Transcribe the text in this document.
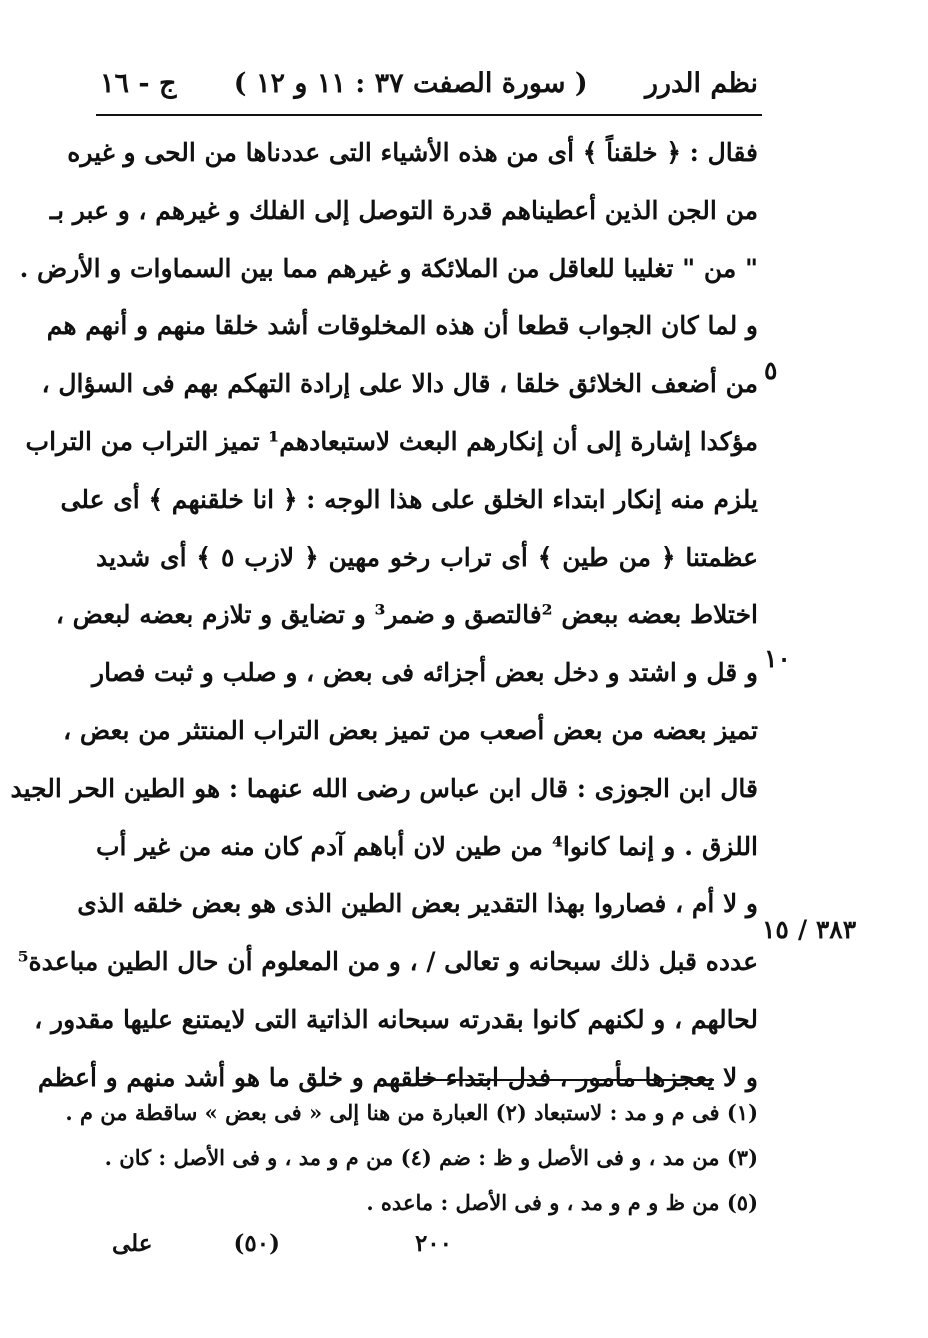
نظم الدرر
( سورة الصفت ٣٧ : ١١ و ١٢ )
ج - ١٦
٥
١٠
١٥ ٣٨٣ /
فقال : ﴿ خلقناً ﴾ أى من هذه الأشياء التى عددناها من الحى و غيره
من الجن الذين أعطيناهم قدرة التوصل إلى الفلك و غيرهم ، و عبر بـ
" من " تغليبا للعاقل من الملائكة و غيرهم مما بين السماوات و الأرض .
و لما كان الجواب قطعا أن هذه المخلوقات أشد خلقا منهم و أنهم هم
من أضعف الخلائق خلقا ، قال دالا على إرادة التهكم بهم فى السؤال ،
مؤكدا إشارة إلى أن إنكارهم البعث لاستبعادهم¹ تميز التراب من التراب
يلزم منه إنكار ابتداء الخلق على هذا الوجه : ﴿ انا خلقنهم ﴾ أى على
عظمتنا ﴿ من طين ﴾ أى تراب رخو مهين ﴿ لازب ٥ ﴾ أى شديد
اختلاط بعضه ببعض ²فالتصق و ضمر³ و تضايق و تلازم بعضه لبعض ،
و قل و اشتد و دخل بعض أجزائه فى بعض ، و صلب و ثبت فصار
تميز بعضه من بعض أصعب من تميز بعض التراب المنتثر من بعض ،
قال ابن الجوزى : قال ابن عباس رضى الله عنهما : هو الطين الحر الجيد
اللزق . و إنما كانوا⁴ من طين لان أباهم آدم كان منه من غير أب
و لا أم ، فصاروا بهذا التقدير بعض الطين الذى هو بعض خلقه الذى
عدده قبل ذلك سبحانه و تعالى / ، و من المعلوم أن حال الطين مباعدة⁵
لحالهم ، و لكنهم كانوا بقدرته سبحانه الذاتية التى لايمتنع عليها مقدور ،
و لا يعجزها مأمور ، فدل ابتداء خلقهم و خلق ما هو أشد منهم و أعظم
(١) فى م و مد : لاستبعاد (٢) العبارة من هنا إلى « فى بعض » ساقطة من م .
(٣) من مد ، و فى الأصل و ظ : ضم (٤) من م و مد ، و فى الأصل : كان .
(٥) من ظ و م و مد ، و فى الأصل : ماعده .
٢٠٠
(٥٠)
على
